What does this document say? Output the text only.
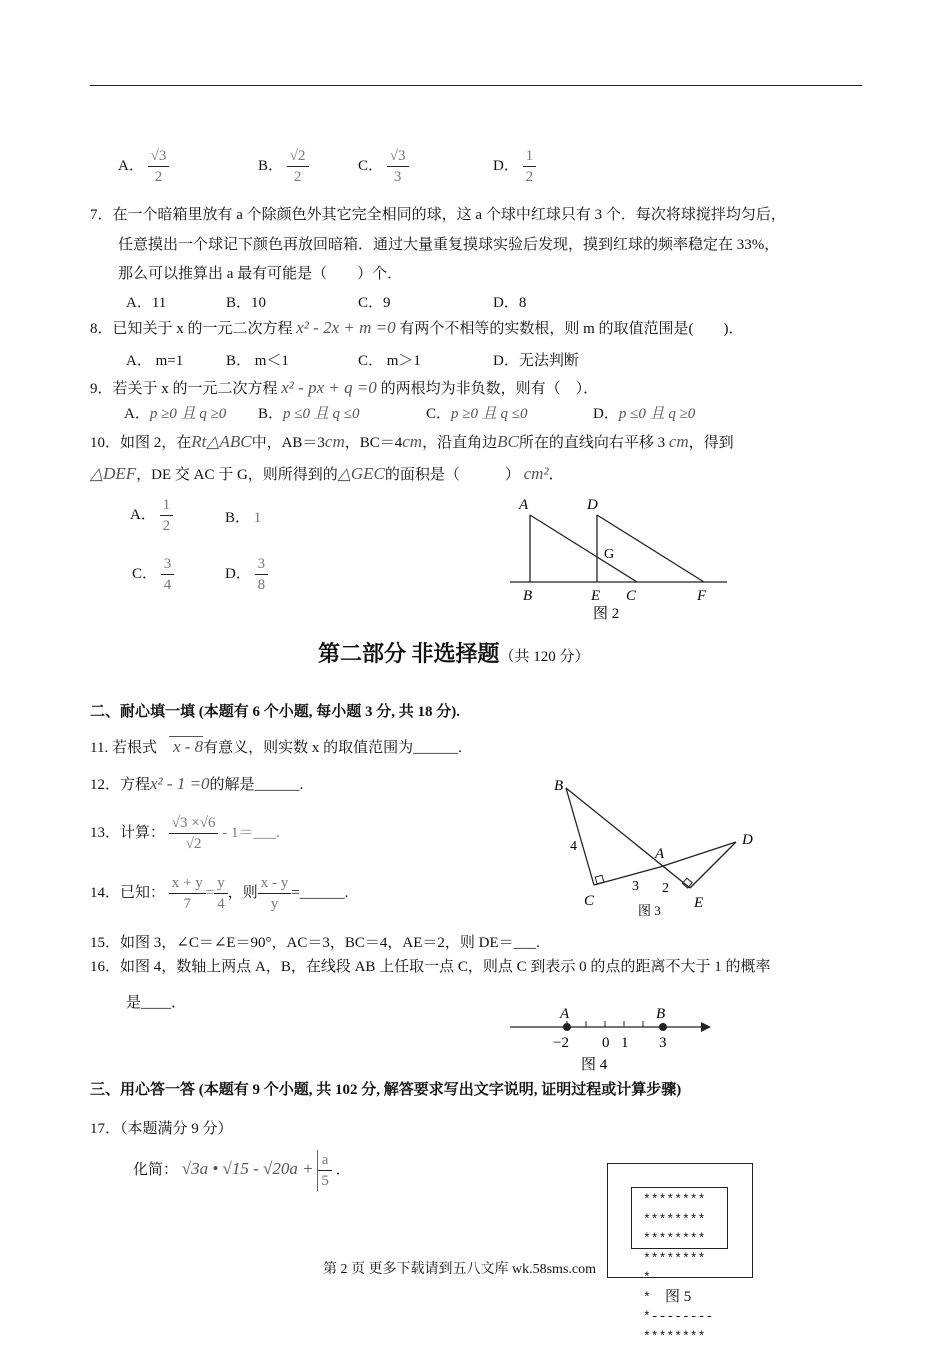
A． $\frac{√3}{2}$	B． $\frac{√2}{2}$	C． $\frac{√3}{3}$	D． $\frac{1}{2}$
7．在一个暗箱里放有 a 个除颜色外其它完全相同的球，这 a 个球中红球只有 3 个．每次将球搅拌均匀后，
任意摸出一个球记下颜色再放回暗箱．通过大量重复摸球实验后发现，摸到红球的频率稳定在 33%，
那么可以推算出 a 最有可能是（　　）个．
A．11	B．10	C．9	D．8
8．已知关于 x 的一元二次方程 x² - 2x + m =0 有两个不相等的实数根，则 m 的取值范围是(　　)．
A． m=1	B． m＜1	C． m＞1	D．无法判断
9．若关于 x 的一元二次方程 x² - px + q =0 的两根均为非负数，则有（　）．
A．p ≥0 且 q ≥0 B．p ≤0 且 q ≤0	C．p ≥0 且 q ≤0	D．p ≤0 且 q ≥0
10．如图 2，在Rt△ABC中，AB＝3cm，BC＝4cm，沿直角边BC所在的直线向右平移 3 cm，得到
△DEF，DE 交 AC 于 G，则所得到的△GEC的面积是（　　　） cm²．
A． $\frac{1}{2}$	B． 1
C． $\frac{3}{4}$	D． $\frac{3}{8}$
A	D
G
B	E C	F
图 2
第二部分 非选择题（共 120 分）
二、耐心填一填 (本题有 6 个小题, 每小题 3 分, 共 18 分).
11. 若根式 x - 8有意义，则实数 x 的取值范围为______.
12．方程x² - 1 =0的解是______.
13．计算： $\frac{√3 \times√6}{√2}$ - 1＝___.
14．已知： $\frac{x + y}{7} = \frac{y}{4}$ ，则 $\frac{x - y}{y}$ =______.
15．如图 3，∠C＝∠E＝90°，AC＝3，BC＝4，AE＝2，则 DE＝___.
16．如图 4，数轴上两点 A，B，在线段 AB 上任取一点 C，则点 C 到表示 0 的点的距离不大于 1 的概率
是____．
B
D
A
C	E
4
3 2
图 3
A	B
−2 0 1 3
图 4
三、用心答一答 (本题有 9 个小题, 共 102 分, 解答要求写出文字说明, 证明过程或计算步骤)
17．（本题满分 9 分）
化简： √3a • $√15 - √20a + \frac{a}{5}$ ．
********
********
********
********
*-
*
*--------
********
图 5
第 2 页 更多下载请到五八文库 wk.58sms.com
